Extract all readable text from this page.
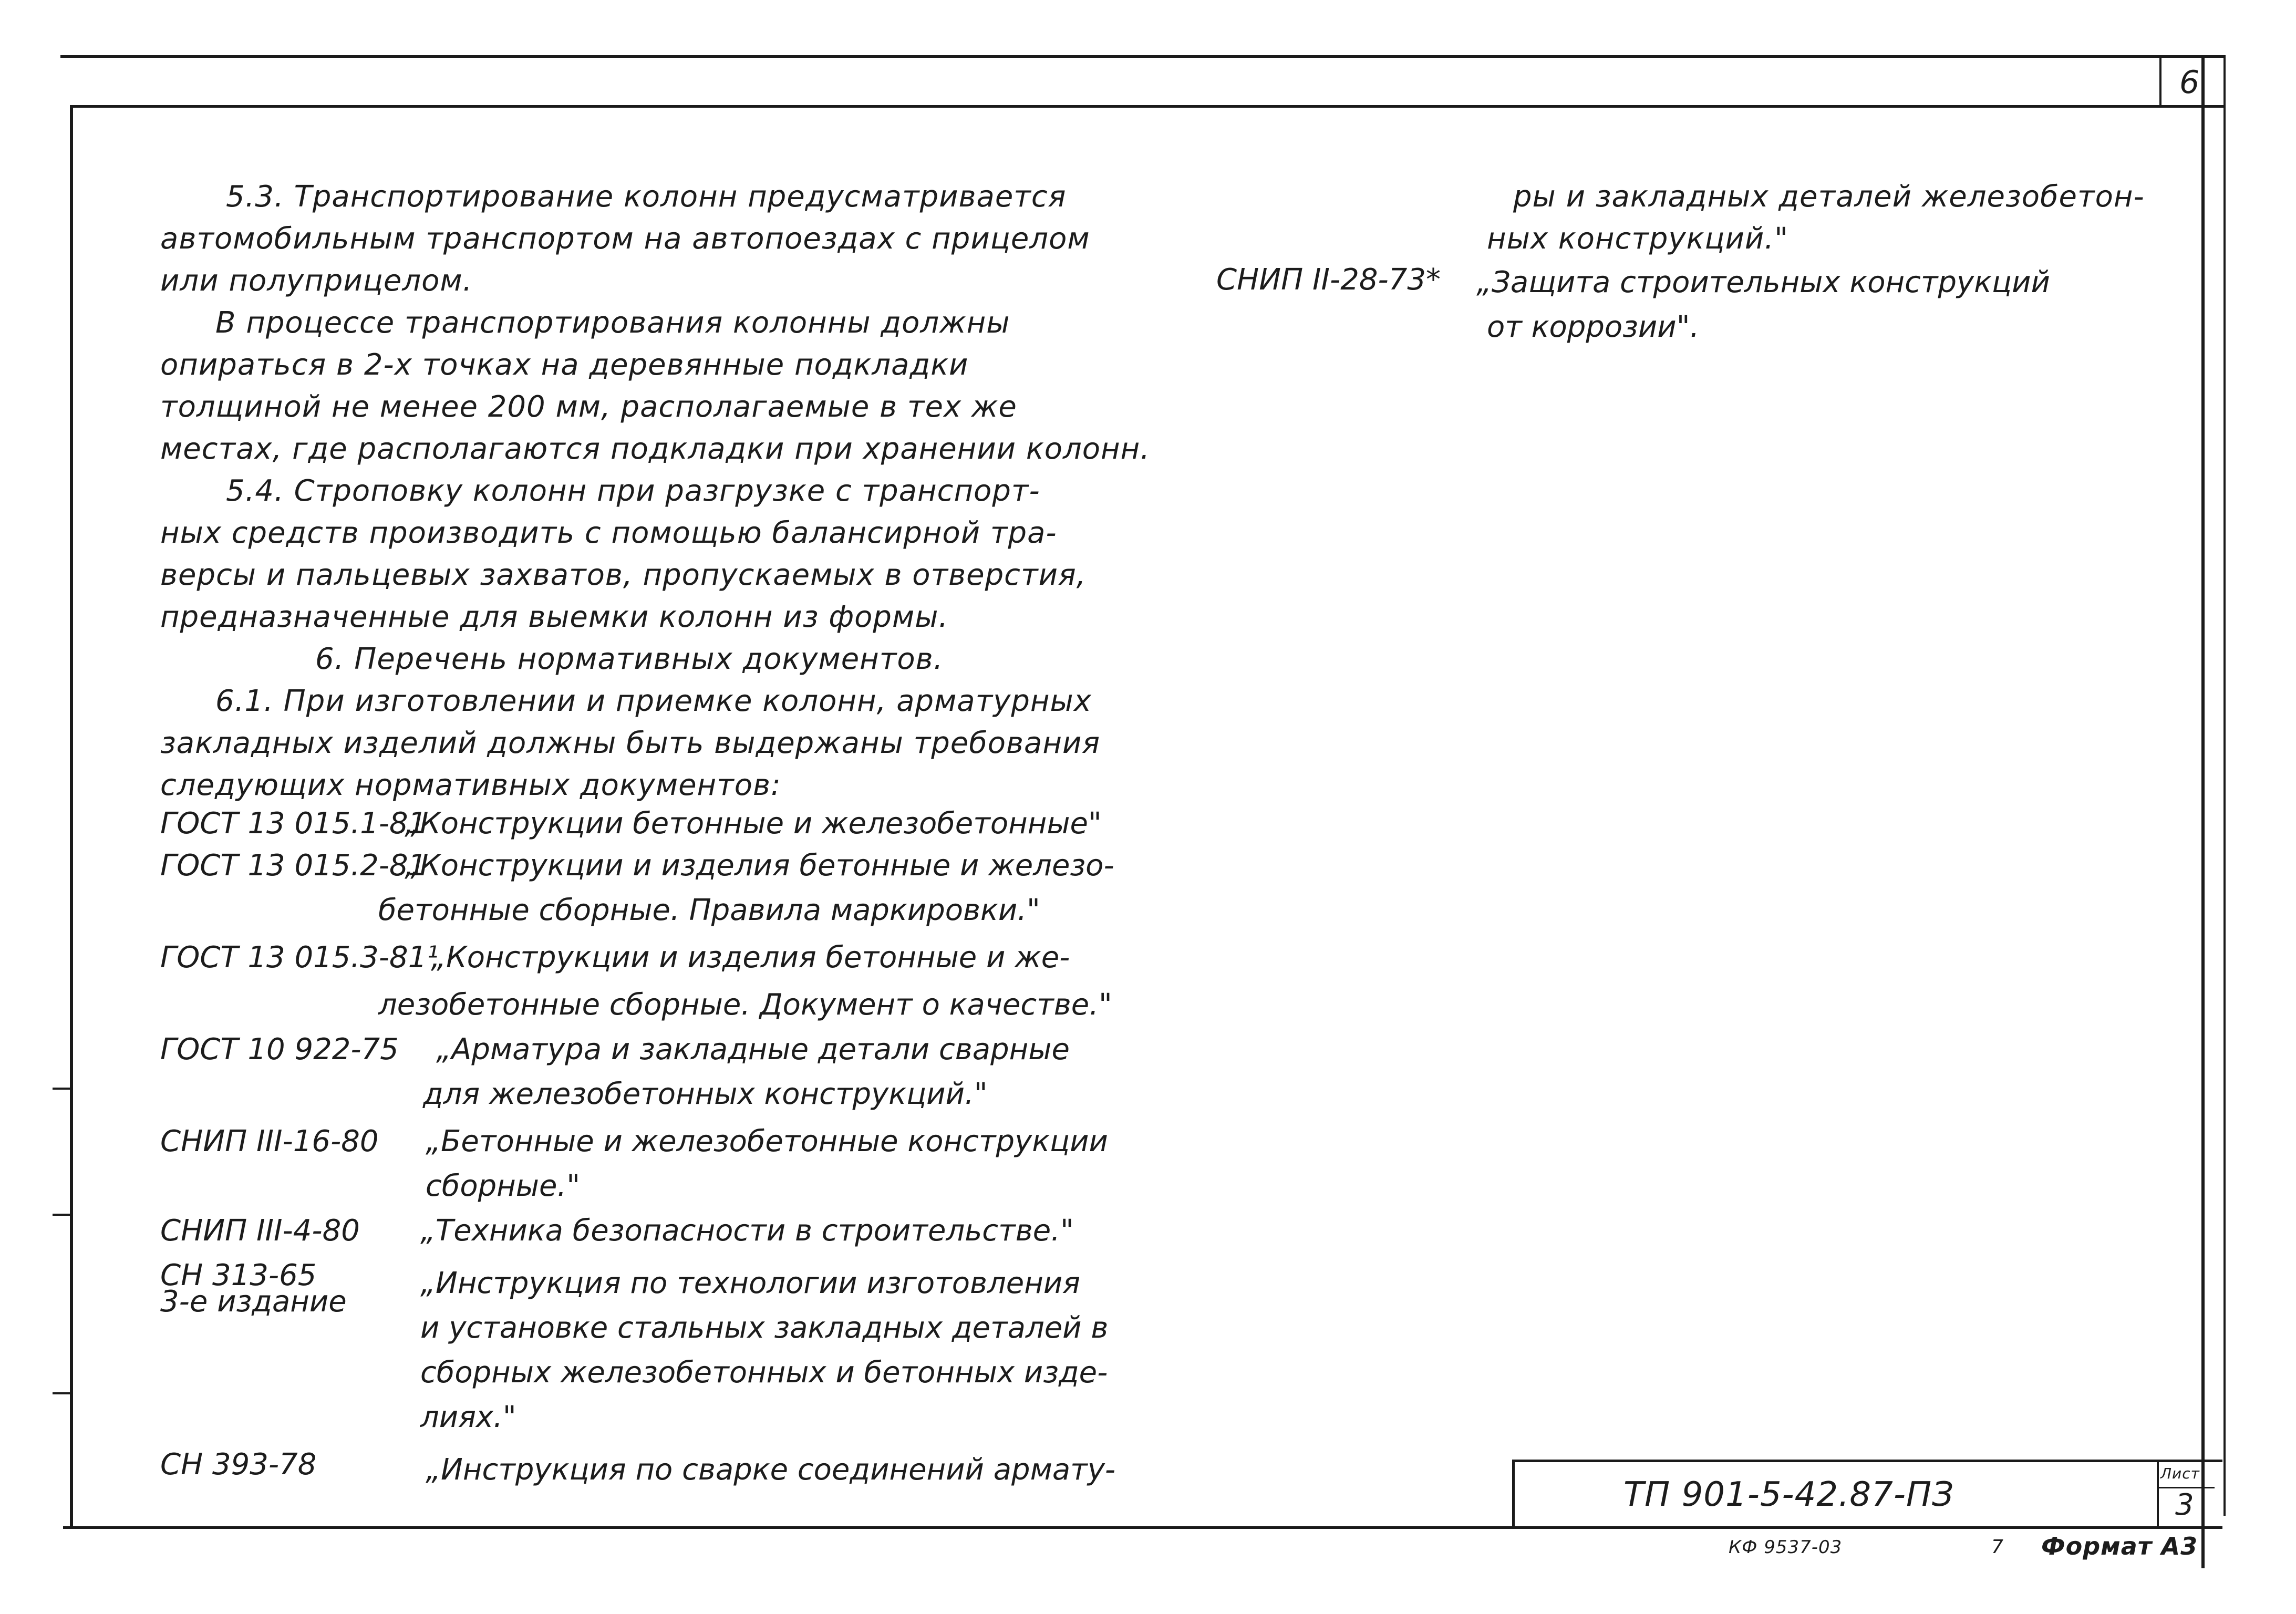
6
5.3. Транспортирование колонн предусматривается
автомобильным транспортом на автопоездах с прицелом
или полуприцелом.
В процессе транспортирования колонны должны
опираться в 2-х точках на деревянные подкладки
толщиной не менее 200 мм, располагаемые в тех же
местах, где располагаются подкладки при хранении колонн.
5.4. Строповку колонн при разгрузке с транспорт-
ных средств производить с помощью балансирной тра-
версы и пальцевых захватов, пропускаемых в отверстия,
предназначенные для выемки колонн из формы.
6. Перечень нормативных документов.
6.1. При изготовлении и приемке колонн, арматурных
закладных изделий должны быть выдержаны требования
следующих нормативных документов:
ГОСТ 13 015.1-81
„Конструкции бетонные и железобетонные"
ГОСТ 13 015.2-81
„Конструкции и изделия бетонные и железо-
бетонные сборные. Правила маркировки."
ГОСТ 13 015.3-81¹
„Конструкции и изделия бетонные и же-
лезобетонные сборные. Документ о качестве."
ГОСТ 10 922-75 „Арматура и закладные детали сварные
для железобетонных конструкций."
СНИП III-16-80 „Бетонные и железобетонные конструкции
сборные."
СНИП III-4-80 „Техника безопасности в строительстве."
СН 313-65
3-е издание
„Инструкция по технологии изготовления
и установке стальных закладных деталей в
сборных железобетонных и бетонных изде-
лиях."
СН 393-78	„Инструкция по сварке соединений армату-
ры и закладных деталей железобетон-
ных конструкций."
СНИП II-28-73* „Защита строительных конструкций
от коррозии".
ТП 901-5-42.87-ПЗ
Лист
3
КФ 9537-03	7 Формат А3
